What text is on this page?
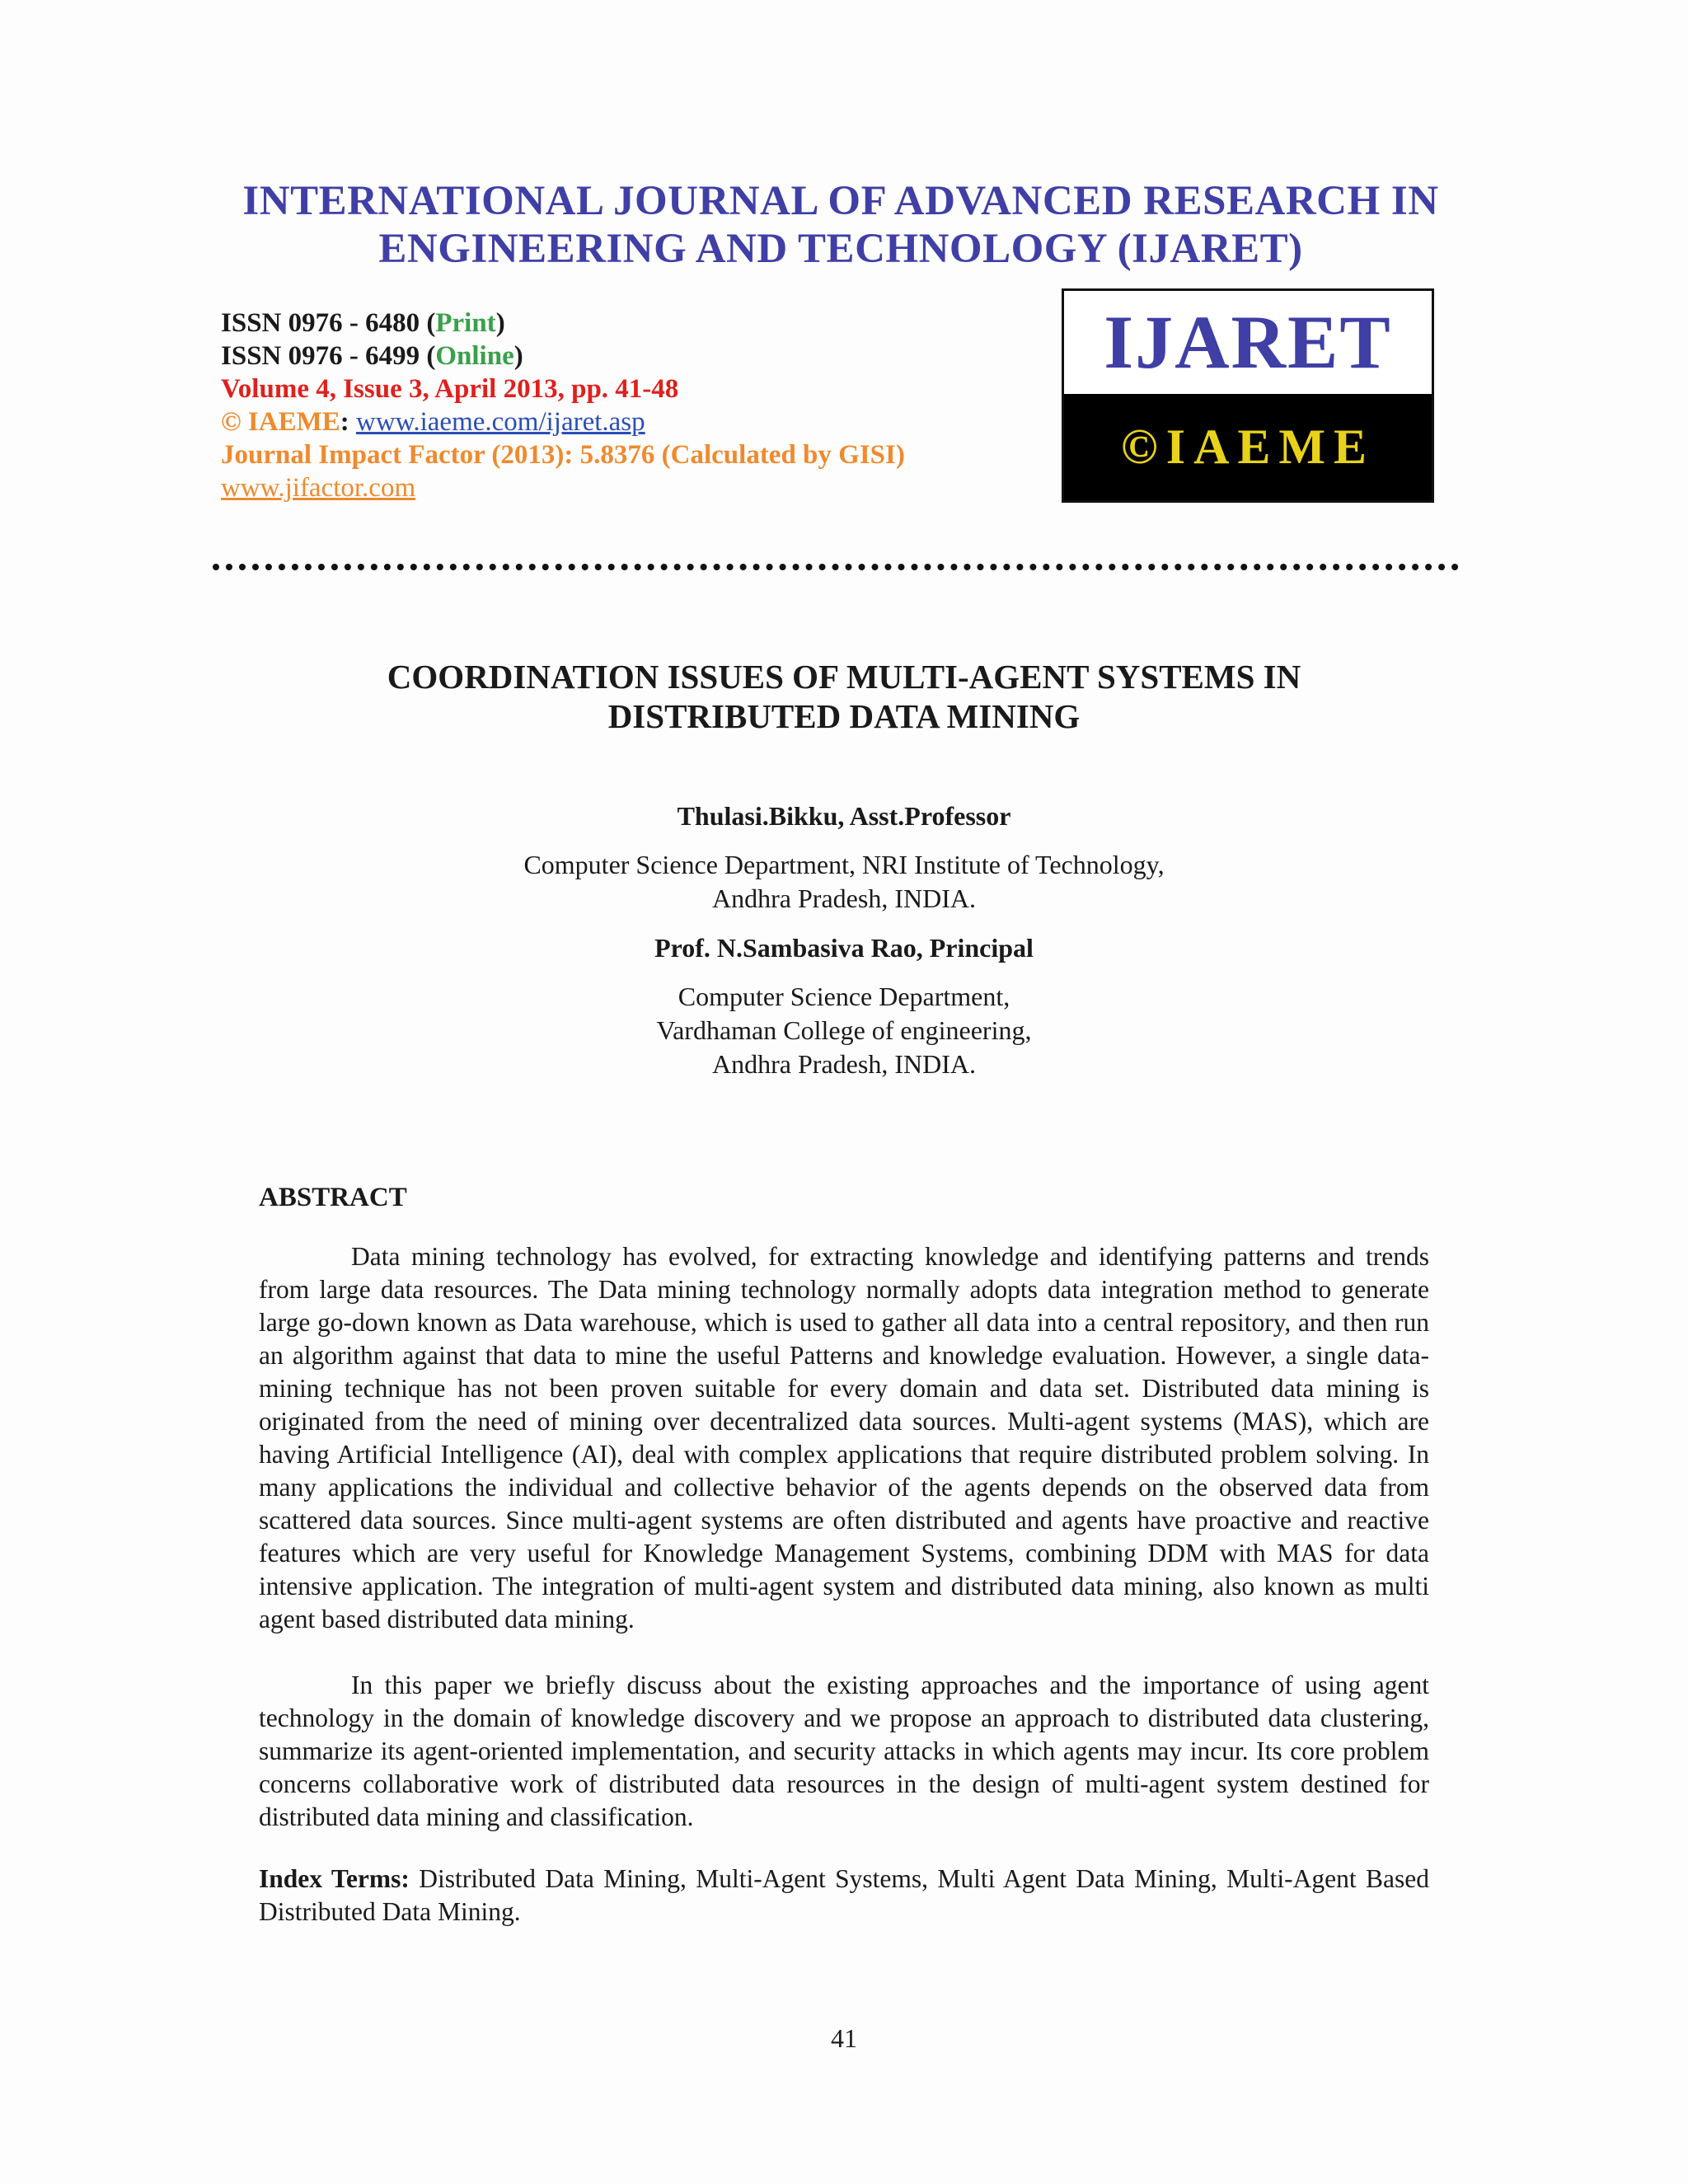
INTERNATIONAL JOURNAL OF ADVANCED RESEARCH IN
ENGINEERING AND TECHNOLOGY (IJARET)
ISSN 0976 - 6480 (Print)
ISSN 0976 - 6499 (Online)
Volume 4, Issue 3, April 2013, pp. 41-48
© IAEME: www.iaeme.com/ijaret.asp
Journal Impact Factor (2013): 5.8376 (Calculated by GISI)
www.jifactor.com
IJARET
©IAEME
COORDINATION ISSUES OF MULTI-AGENT SYSTEMS IN
DISTRIBUTED DATA MINING
Thulasi.Bikku, Asst.Professor
Computer Science Department, NRI Institute of Technology,
Andhra Pradesh, INDIA.
Prof. N.Sambasiva Rao, Principal
Computer Science Department,
Vardhaman College of engineering,
Andhra Pradesh, INDIA.
ABSTRACT
Data mining technology has evolved, for extracting knowledge and identifying patterns and trends from large data resources. The Data mining technology normally adopts data integration method to generate large go-down known as Data warehouse, which is used to gather all data into a central repository, and then run an algorithm against that data to mine the useful Patterns and knowledge evaluation. However, a single data-mining technique has not been proven suitable for every domain and data set. Distributed data mining is originated from the need of mining over decentralized data sources. Multi-agent systems (MAS), which are having Artificial Intelligence (AI), deal with complex applications that require distributed problem solving. In many applications the individual and collective behavior of the agents depends on the observed data from scattered data sources. Since multi-agent systems are often distributed and agents have proactive and reactive features which are very useful for Knowledge Management Systems, combining DDM with MAS for data intensive application. The integration of multi-agent system and distributed data mining, also known as multi agent based distributed data mining.
In this paper we briefly discuss about the existing approaches and the importance of using agent technology in the domain of knowledge discovery and we propose an approach to distributed data clustering, summarize its agent-oriented implementation, and security attacks in which agents may incur. Its core problem concerns collaborative work of distributed data resources in the design of multi-agent system destined for distributed data mining and classification.
Index Terms: Distributed Data Mining, Multi-Agent Systems, Multi Agent Data Mining, Multi-Agent Based Distributed Data Mining.
41
